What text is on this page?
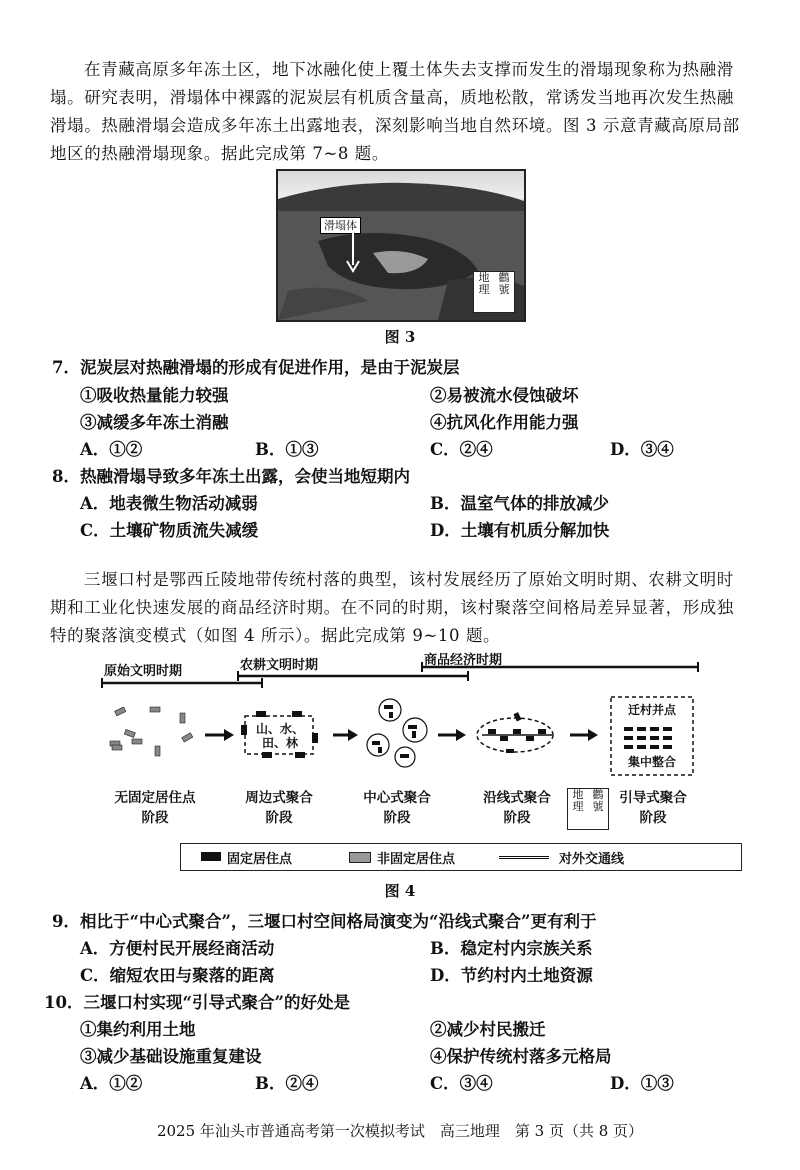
在青藏高原多年冻土区，地下冰融化使上覆土体失去支撑而发生的滑塌现象称为热融滑
塌。研究表明，滑塌体中裸露的泥炭层有机质含量高，质地松散，常诱发当地再次发生热融
滑塌。热融滑塌会造成多年冻土出露地表，深刻影响当地自然环境。图 3 示意青藏高原局部
地区的热融滑塌现象。据此完成第 7~8 题。
滑塌体
地 鸛
理 號
图 3
7．泥炭层对热融滑塌的形成有促进作用，是由于泥炭层
①吸收热量能力较强	②易被流水侵蚀破坏
③减缓多年冻土消融	④抗风化作用能力强
A．①②	B．①③	C．②④	D．③④
8．热融滑塌导致多年冻土出露，会使当地短期内
A．地表微生物活动减弱	B．温室气体的排放减少
C．土壤矿物质流失减缓	D．土壤有机质分解加快
三堰口村是鄂西丘陵地带传统村落的典型，该村发展经历了原始文明时期、农耕文明时
期和工业化快速发展的商品经济时期。在不同的时期，该村聚落空间格局差异显著，形成独
特的聚落演变模式（如图 4 所示）。据此完成第 9~10 题。
原始文明时期	农耕文明时期	商品经济时期
山、水、
田、林
迁村并点
集中整合
无固定居住点
阶段
周边式聚合
阶段
中心式聚合
阶段
沿线式聚合
阶段
引导式聚合
阶段
地 鸛
理 號
固定居住点	非固定居住点	对外交通线
图 4
9．相比于“中心式聚合”，三堰口村空间格局演变为“沿线式聚合”更有利于
A．方便村民开展经商活动	B．稳定村内宗族关系
C．缩短农田与聚落的距离	D．节约村内土地资源
10．三堰口村实现“引导式聚合”的好处是
①集约利用土地	②减少村民搬迁
③减少基础设施重复建设	④保护传统村落多元格局
A．①②	B．②④	C．③④	D．①③
2025 年汕头市普通高考第一次模拟考试　高三地理　第 3 页（共 8 页）
